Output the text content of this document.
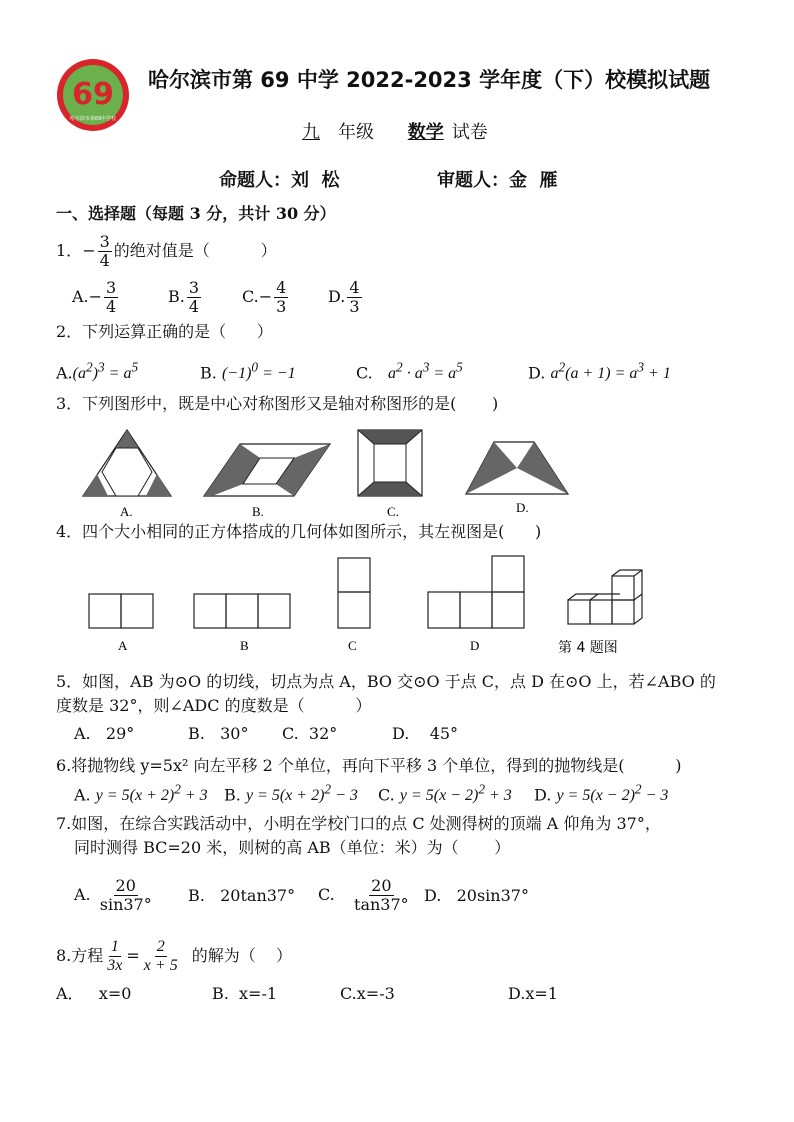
69
哈尔滨市第69中学校
哈尔滨市第 69 中学 2022-2023 学年度（下）校模拟试题
九 年级 数学 试卷
命题人：刘  松	审题人：金  雁
一、选择题（每题 3 分，共计 30 分）
1． − $\frac{3}{4}$ 的绝对值是（          ）
A. − $\frac{3}{4}$	B. $\frac{3}{4}$	C. − $\frac{4}{3} D$. $\frac{4}{3}$
2．下列运算正确的是（      ）
$A.(a^2)^3 = a^5$	B. $(-1)^0 = -1$	C. $a^2 \cdot a^3 = a^5$	D. $a^2(a + 1) = a^3 + 1$
3．下列图形中，既是中心对称图形又是轴对称图形的是(       )
A.	B.	C.	D.
4．四个大小相同的正方体搭成的几何体如图所示，其左视图是(      )
A	B	C	D	第 4 题图
5．如图，AB 为⊙O 的切线，切点为点 A，BO 交⊙O 于点 C，点 D 在⊙O 上，若∠ABO 的
度数是 32°，则∠ADC 的度数是（          ）
A.   29°	B.   30° C.  32°	D.    45°
6.将抛物线 y=5x² 向左平移 2 个单位，再向下平移 3 个单位，得到的抛物线是(          )
A. $y = 5(x + 2)^2 + 3$ B. $y = 5(x + 2)^2 - 3$ C. $y = 5(x - 2)^2 + 3$ D. $y = 5(x - 2)^2 - 3$
7.如图，在综合实践活动中，小明在学校门口的点 C 处测得树的顶端 A 仰角为 37°，
同时测得 BC=20 米，则树的高 AB（单位：米）为（       ）
A.
$\frac{20}{\sin 37^\circ} B$. 20tan37° C.
$\frac{20}{\tan 37^\circ} D$. 20sin37°
8.方程 $\frac{1}{3x} = \frac{2}{x + 5}$ 的解为（    ）
A．   x=0	B.  x=-1	C.x=-3	D.x=1
